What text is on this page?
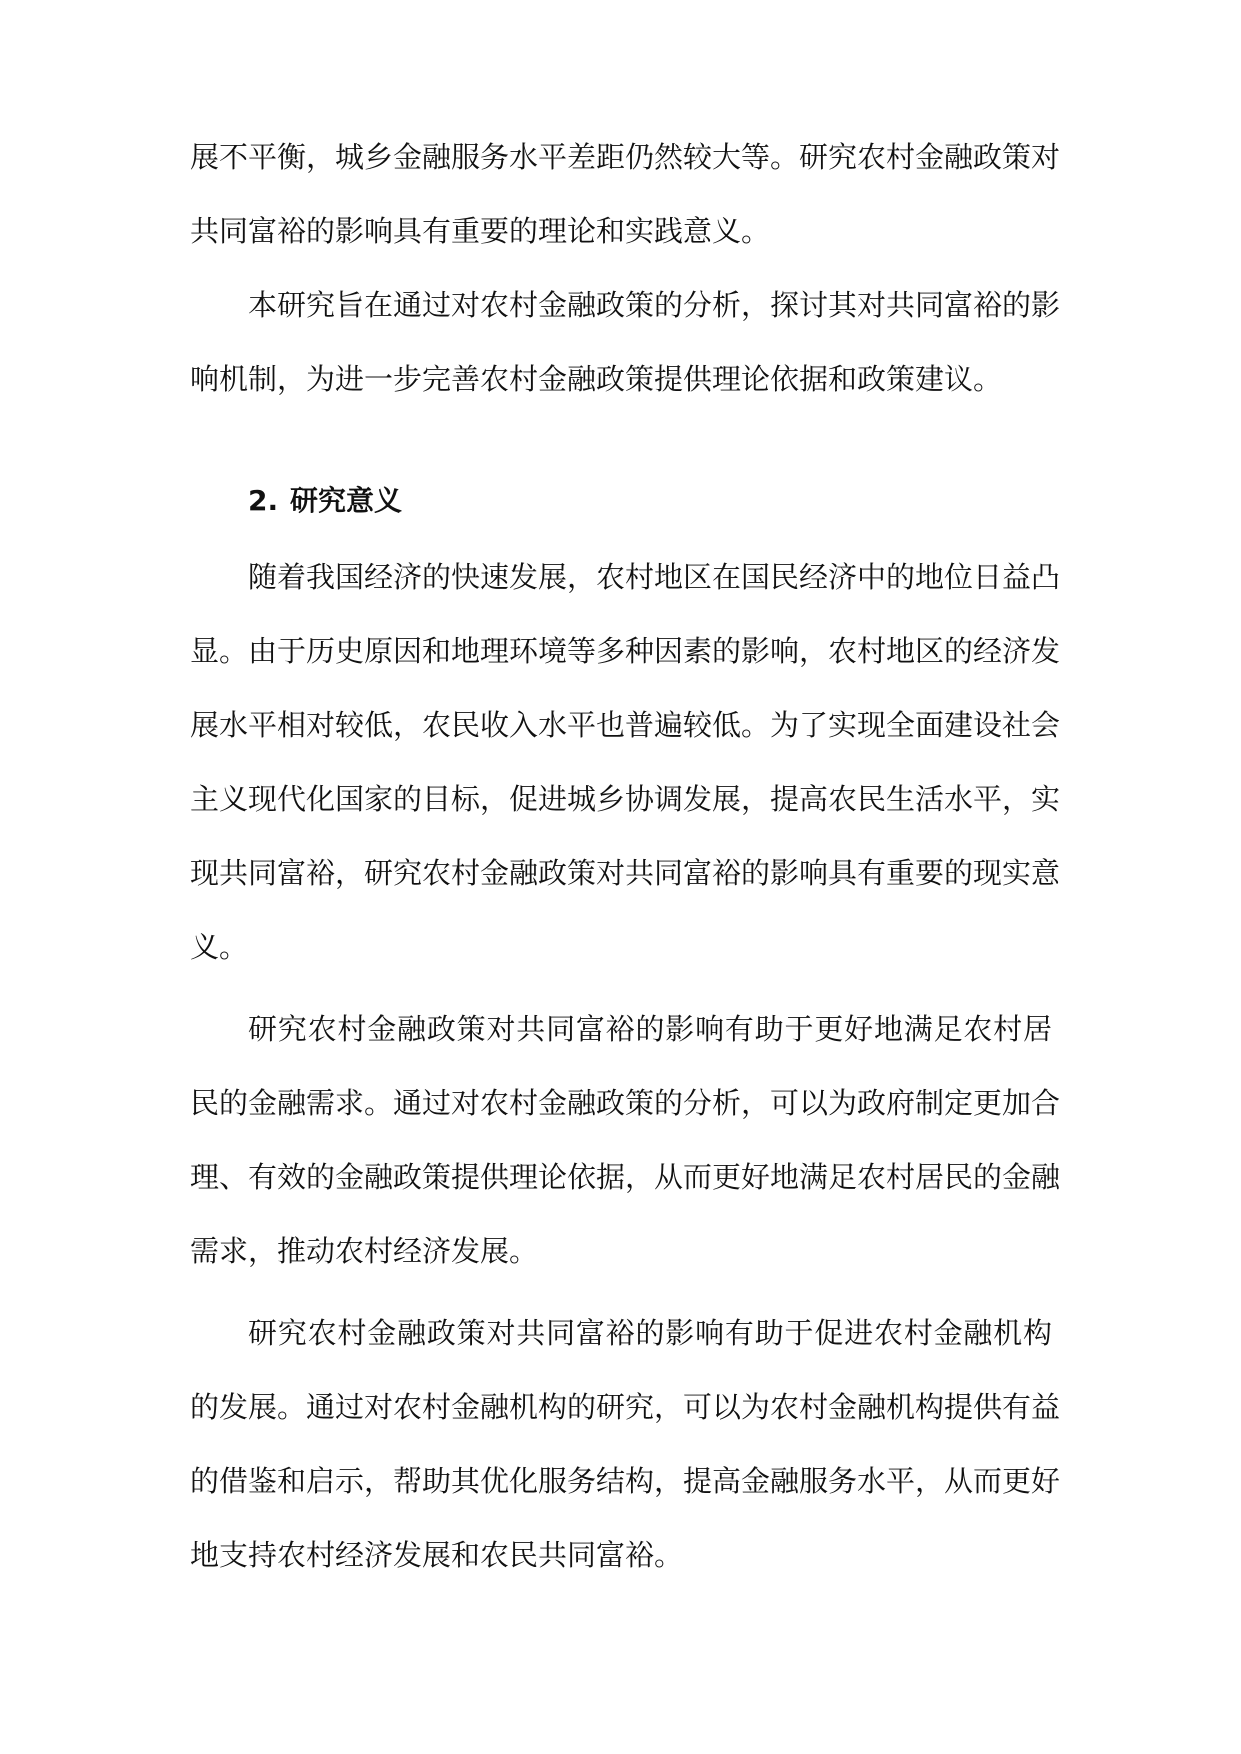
展不平衡，城乡金融服务水平差距仍然较大等。研究农村金融政策对
共同富裕的影响具有重要的理论和实践意义。
本研究旨在通过对农村金融政策的分析，探讨其对共同富裕的影
响机制，为进一步完善农村金融政策提供理论依据和政策建议。
2. 研究意义
随着我国经济的快速发展，农村地区在国民经济中的地位日益凸
显。由于历史原因和地理环境等多种因素的影响，农村地区的经济发
展水平相对较低，农民收入水平也普遍较低。为了实现全面建设社会
主义现代化国家的目标，促进城乡协调发展，提高农民生活水平，实
现共同富裕，研究农村金融政策对共同富裕的影响具有重要的现实意
义。
研究农村金融政策对共同富裕的影响有助于更好地满足农村居
民的金融需求。通过对农村金融政策的分析，可以为政府制定更加合
理、有效的金融政策提供理论依据，从而更好地满足农村居民的金融
需求，推动农村经济发展。
研究农村金融政策对共同富裕的影响有助于促进农村金融机构
的发展。通过对农村金融机构的研究，可以为农村金融机构提供有益
的借鉴和启示，帮助其优化服务结构，提高金融服务水平，从而更好
地支持农村经济发展和农民共同富裕。
